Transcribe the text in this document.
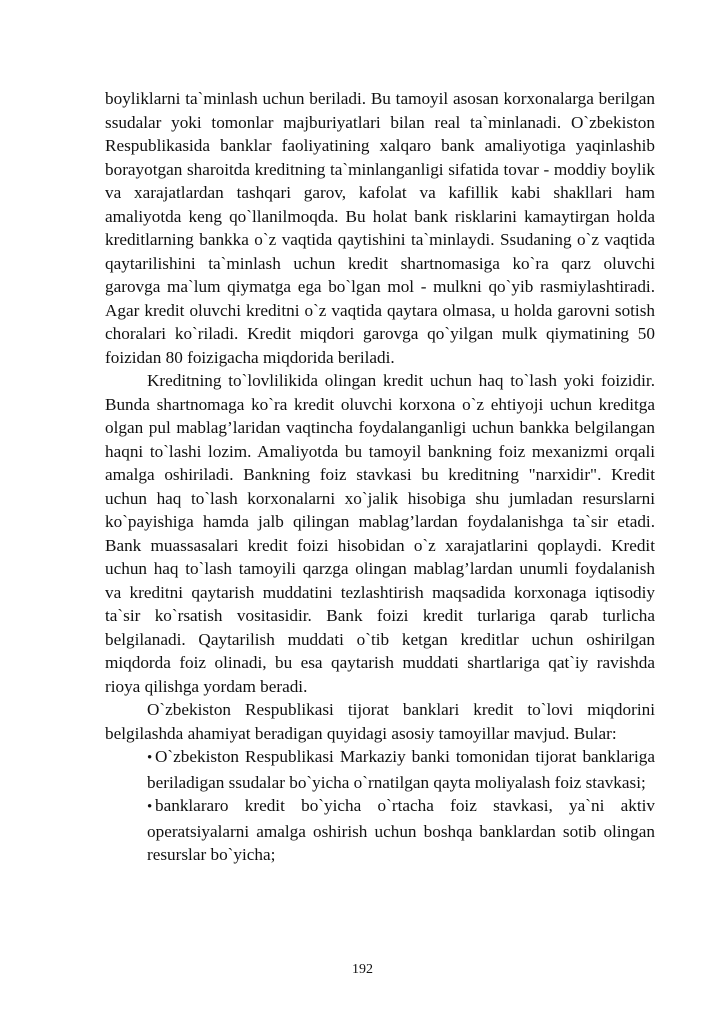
boyliklarni ta`minlash uchun beriladi. Bu tamoyil asosan korxonalarga berilgan ssudalar yoki tomonlar majburiyatlari bilan real ta`minlanadi. O`zbekiston Respublikasida banklar faoliyatining xalqaro bank amaliyotiga yaqinlashib borayotgan sharoitda kreditning ta`minlanganligi sifatida tovar - moddiy boylik va xarajatlardan tashqari garov, kafolat va kafillik kabi shakllari ham amaliyotda keng qo`llanilmoqda. Bu holat bank risklarini kamaytirgan holda kreditlarning bankka o`z vaqtida qaytishini ta`minlaydi. Ssudaning o`z vaqtida qaytarilishini ta`minlash uchun kredit shartnomasiga ko`ra qarz oluvchi garovga ma`lum qiymatga ega bo`lgan mol - mulkni qo`yib rasmiylashtiradi. Agar kredit oluvchi kreditni o`z vaqtida qaytara olmasa, u holda garovni sotish choralari ko`riladi. Kredit miqdori garovga qo`yilgan mulk qiymatining 50 foizidan 80 foizigacha miqdorida beriladi.

Kreditning to`lovlilikida olingan kredit uchun haq to`lash yoki foizidir. Bunda shartnomaga ko`ra kredit oluvchi korxona o`z ehtiyoji uchun kreditga olgan pul mablag’laridan vaqtincha foydalanganligi uchun bankka belgilangan haqni to`lashi lozim. Amaliyotda bu tamoyil bankning foiz mexanizmi orqali amalga oshiriladi. Bankning foiz stavkasi bu kreditning "narxidir". Kredit uchun haq to`lash korxonalarni xo`jalik hisobiga shu jumladan resurslarni ko`payishiga hamda jalb qilingan mablag’lardan foydalanishga ta`sir etadi. Bank muassasalari kredit foizi hisobidan o`z xarajatlarini qoplaydi. Kredit uchun haq to`lash tamoyili qarzga olingan mablag’lardan unumli foydalanish va kreditni qaytarish muddatini tezlashtirish maqsadida korxonaga iqtisodiy ta`sir ko`rsatish vositasidir. Bank foizi kredit turlariga qarab turlicha belgilanadi. Qaytarilish muddati o`tib ketgan kreditlar uchun oshirilgan miqdorda foiz olinadi, bu esa qaytarish muddati shartlariga qat`iy ravishda rioya qilishga yordam beradi.

O`zbekiston Respublikasi tijorat banklari kredit to`lovi miqdorini belgilashda ahamiyat beradigan quyidagi asosiy tamoyillar mavjud. Bular:

• O`zbekiston Respublikasi Markaziy banki tomonidan tijorat banklariga beriladigan ssudalar bo`yicha o`rnatilgan qayta moliyalash foiz stavkasi;

• banklararo kredit bo`yicha o`rtacha foiz stavkasi, ya`ni aktiv operatsiyalarni amalga oshirish uchun boshqa banklardan sotib olingan resurslar bo`yicha;

192
